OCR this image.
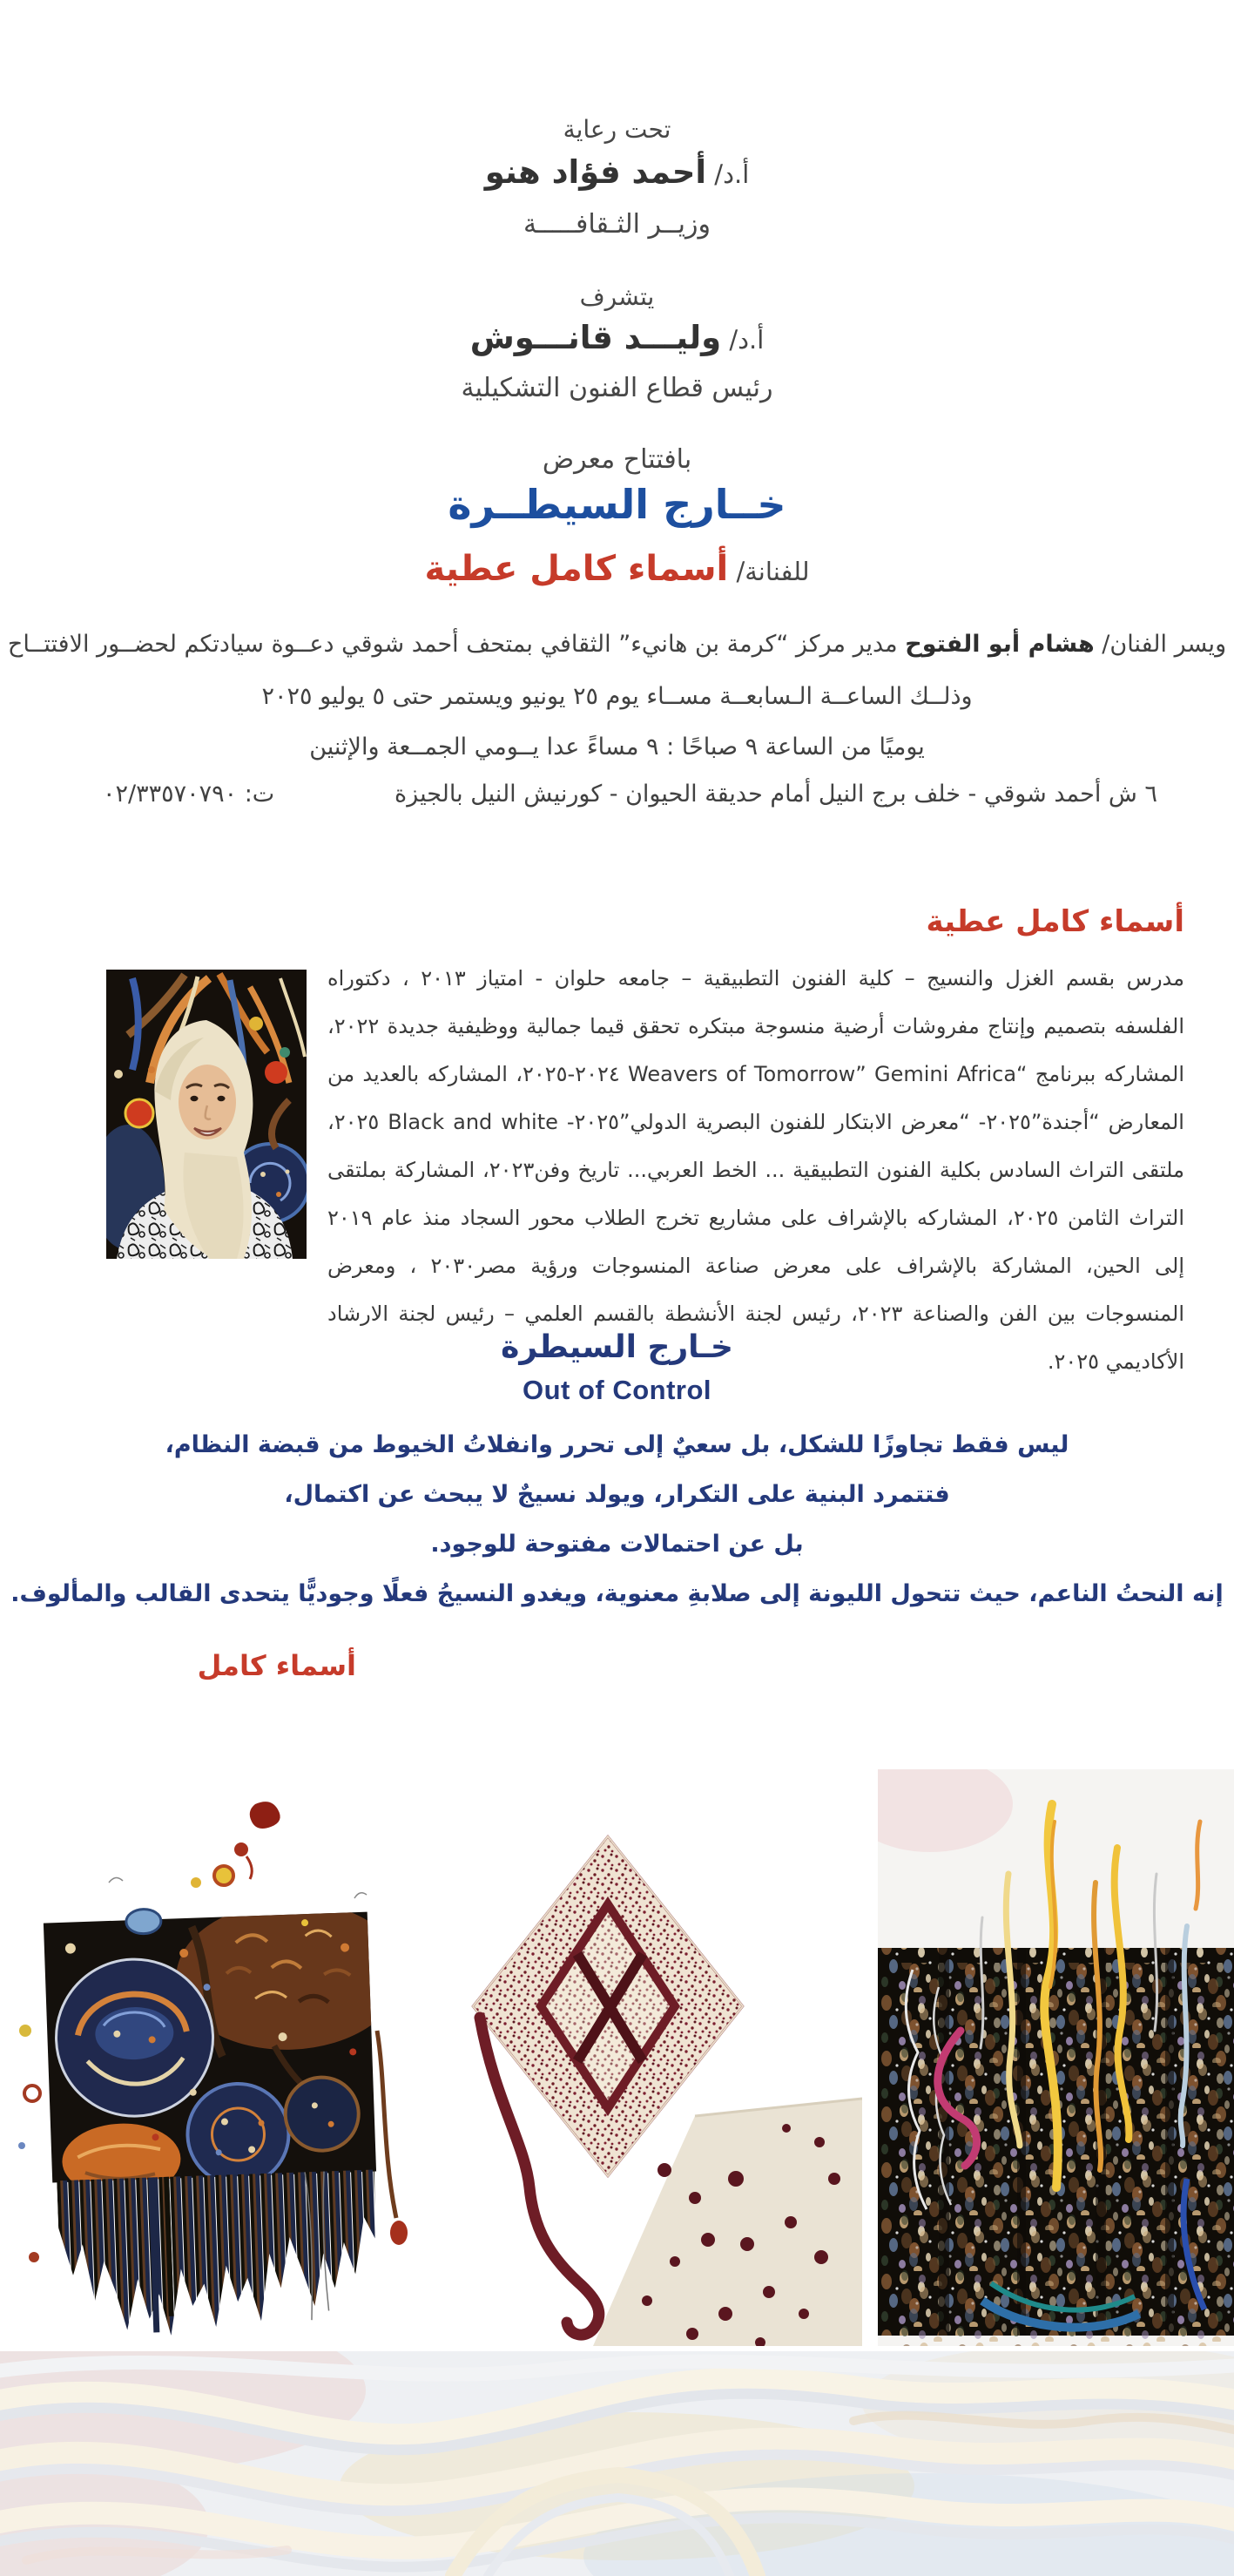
تحت رعاية
أ.د/ أحمد فؤاد هنو
وزيــر الثـقافـــــة
يتشرف
أ.د/ وليـــد قانـــوش
رئيس قطاع الفنون التشكيلية
بافتتاح معرض
خــارج السيطــرة
للفنانة/ أسماء كامل عطية
ويسر الفنان/ هشام أبو الفتوح مدير مركز “كرمة بن هانيء” الثقافي بمتحف أحمد شوقي دعــوة سيادتكم لحضــور الافتتــاح
وذلــك الساعــة الـسابعــة مســاء يوم ٢٥ يونيو ويستمر حتى ٥ يوليو ٢٠٢٥
يوميًا من الساعة ٩ صباحًا : ٩ مساءً عدا يــومي الجمــعة والإثنين
٦ ش أحمد شوقي - خلف برج النيل أمام حديقة الحيوان - كورنيش النيل بالجيزة
ت: ٠٢/٣٣٥٧٠٧٩٠
أسماء كامل عطية
مدرس بقسم الغزل والنسيج – كلية الفنون التطبيقية – جامعه حلوان - امتياز ٢٠١٣ ، دكتوراه الفلسفه بتصميم وإنتاج مفروشات أرضية منسوجة مبتكره تحقق قيما جمالية ووظيفية جديدة ٢٠٢٢، المشاركه ببرنامج “Weavers of Tomorrow” Gemini Africa ٢٠٢٤-٢٠٢٥، المشاركه بالعديد من المعارض “أجندة”٢٠٢٥- “معرض الابتكار للفنون البصرية الدولي”٢٠٢٥- Black and white ٢٠٢٥، ملتقى التراث السادس بكلية الفنون التطبيقية ... الخط العربي... تاريخ وفن٢٠٢٣، المشاركة بملتقى التراث الثامن ٢٠٢٥، المشاركه بالإشراف على مشاريع تخرج الطلاب محور السجاد منذ عام ٢٠١٩ إلى الحين، المشاركة بالإشراف على معرض صناعة المنسوجات ورؤية مصر٢٠٣٠ ، ومعرض المنسوجات بين الفن والصناعة ٢٠٢٣، رئيس لجنة الأنشطة بالقسم العلمي – رئيس لجنة الارشاد الأكاديمي ٢٠٢٥.
خـارج السيطرة
Out of Control
ليس فقط تجاوزًا للشكل، بل سعيٌ إلى تحرر وانفلاتُ الخيوط من قبضة النظام،
فتتمرد البنية على التكرار، ويولد نسيجٌ لا يبحث عن اكتمال،
بل عن احتمالات مفتوحة للوجود.
إنه النحتُ الناعم، حيث تتحول الليونة إلى صلابةِ معنوية، ويغدو النسيجُ فعلًا وجوديًّا يتحدى القالب والمألوف.
أسماء كامل
